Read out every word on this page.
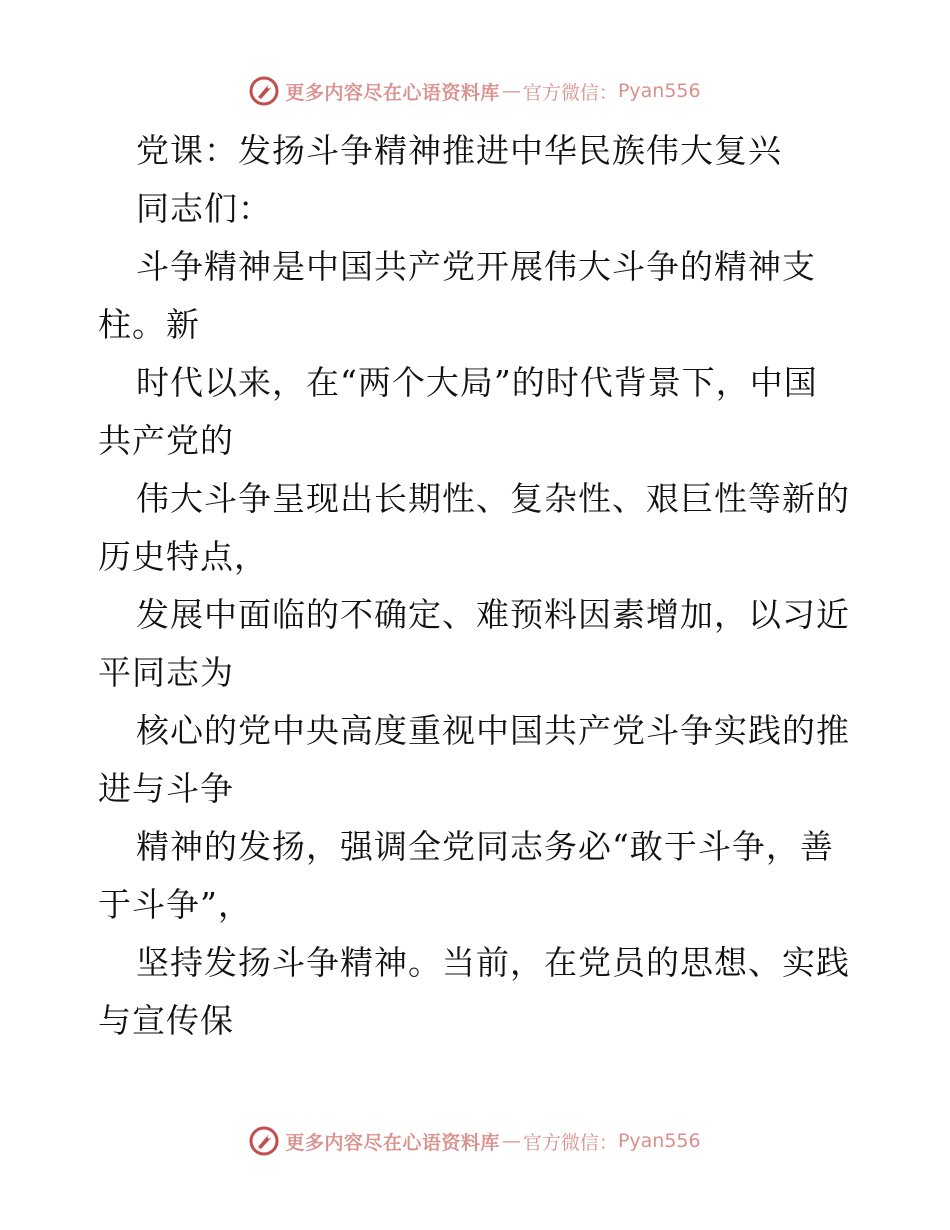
更多内容尽在心语资料库 — 官方微信： Pyan556
党课：发扬斗争精神推进中华民族伟大复兴
同志们：
斗争精神是中国共产党开展伟大斗争的精神支
柱。新
时代以来，在“两个大局”的时代背景下，中国
共产党的
伟大斗争呈现出长期性、复杂性、艰巨性等新的
历史特点，
发展中面临的不确定、难预料因素增加，以习近
平同志为
核心的党中央高度重视中国共产党斗争实践的推
进与斗争
精神的发扬，强调全党同志务必“敢于斗争，善
于斗争”，
坚持发扬斗争精神。当前，在党员的思想、实践
与宣传保
更多内容尽在心语资料库 — 官方微信： Pyan556
